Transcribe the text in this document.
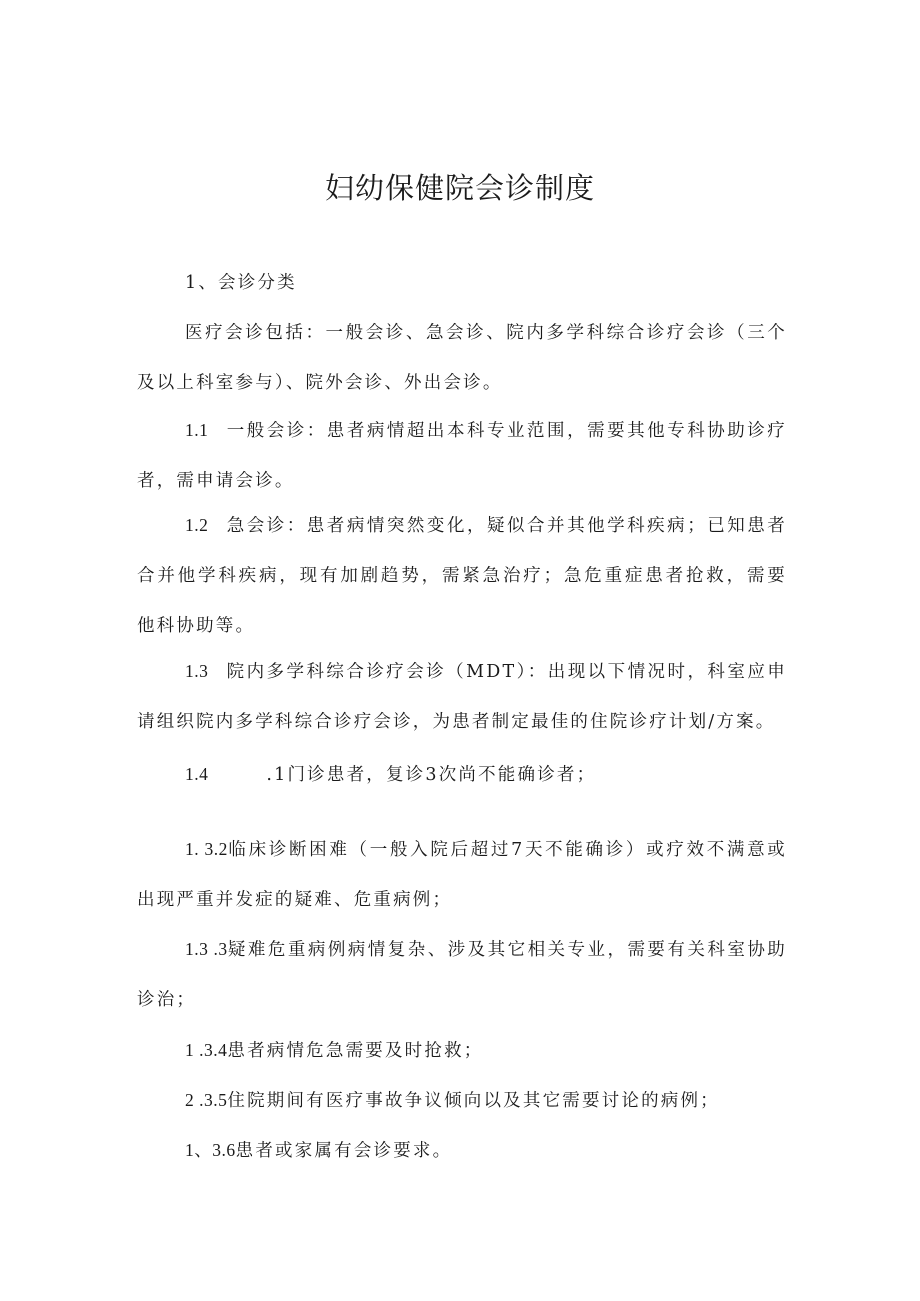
妇幼保健院会诊制度
1、会诊分类
医疗会诊包括：一般会诊、急会诊、院内多学科综合诊疗会诊（三个及以上科室参与）、院外会诊、外出会诊。
1.1 一般会诊：患者病情超出本科专业范围，需要其他专科协助诊疗者，需申请会诊。
1.2 急会诊：患者病情突然变化，疑似合并其他学科疾病；已知患者合并他学科疾病，现有加剧趋势，需紧急治疗；急危重症患者抢救，需要他科协助等。
1.3 院内多学科综合诊疗会诊（MDT）：出现以下情况时，科室应申请组织院内多学科综合诊疗会诊，为患者制定最佳的住院诊疗计划/方案。
1.4	.1门诊患者，复诊3次尚不能确诊者；
1. 3.2临床诊断困难（一般入院后超过7天不能确诊）或疗效不满意或出现严重并发症的疑难、危重病例；
1.3 .3疑难危重病例病情复杂、涉及其它相关专业，需要有关科室协助诊治；
1 .3.4患者病情危急需要及时抢救；
2 .3.5住院期间有医疗事故争议倾向以及其它需要讨论的病例；
1、3.6患者或家属有会诊要求。
